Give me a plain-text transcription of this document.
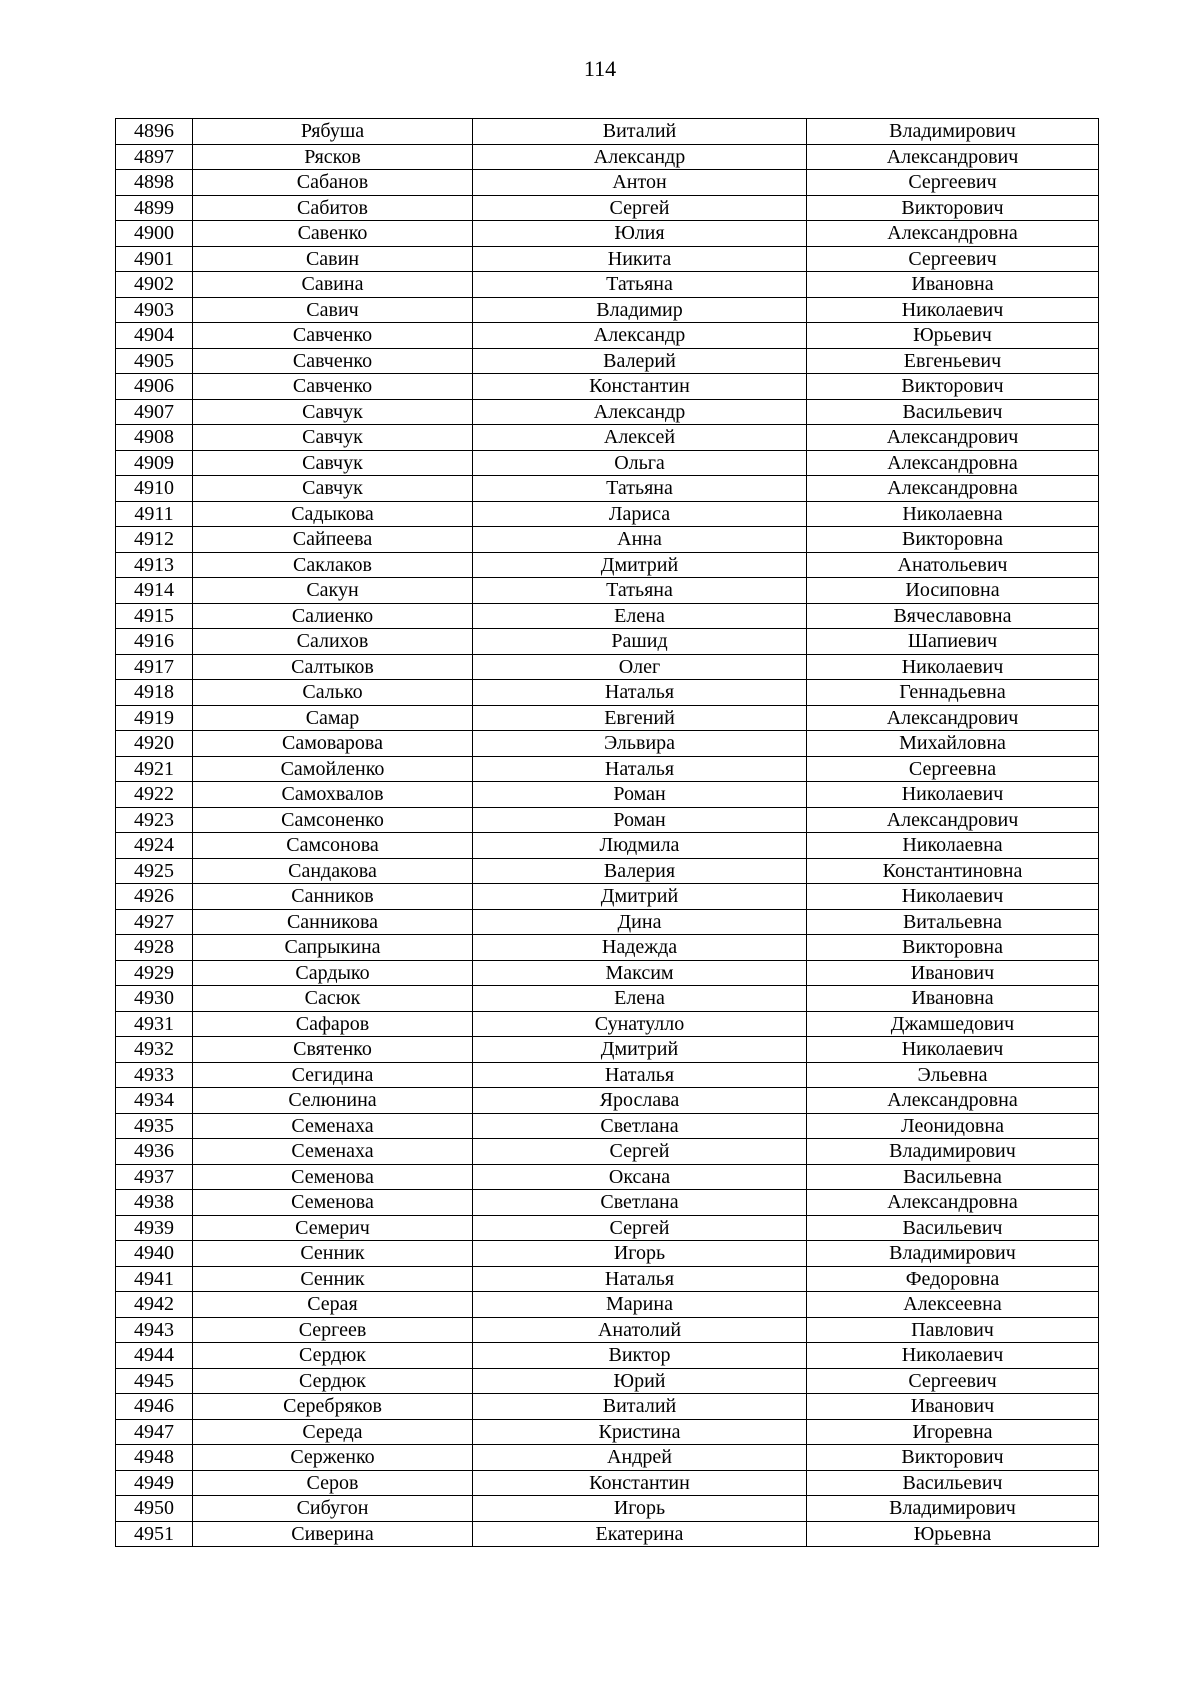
114
4896	Рябуша	Виталий	Владимирович
4897	Рясков	Александр	Александрович
4898	Сабанов	Антон	Сергеевич
4899	Сабитов	Сергей	Викторович
4900	Савенко	Юлия	Александровна
4901	Савин	Никита	Сергеевич
4902	Савина	Татьяна	Ивановна
4903	Савич	Владимир	Николаевич
4904	Савченко	Александр	Юрьевич
4905	Савченко	Валерий	Евгеньевич
4906	Савченко	Константин	Викторович
4907	Савчук	Александр	Васильевич
4908	Савчук	Алексей	Александрович
4909	Савчук	Ольга	Александровна
4910	Савчук	Татьяна	Александровна
4911	Садыкова	Лариса	Николаевна
4912	Сайпеева	Анна	Викторовна
4913	Саклаков	Дмитрий	Анатольевич
4914	Сакун	Татьяна	Иосиповна
4915	Салиенко	Елена	Вячеславовна
4916	Салихов	Рашид	Шапиевич
4917	Салтыков	Олег	Николаевич
4918	Салько	Наталья	Геннадьевна
4919	Самар	Евгений	Александрович
4920	Самоварова	Эльвира	Михайловна
4921	Самойленко	Наталья	Сергеевна
4922	Самохвалов	Роман	Николаевич
4923	Самсоненко	Роман	Александрович
4924	Самсонова	Людмила	Николаевна
4925	Сандакова	Валерия	Константиновна
4926	Санников	Дмитрий	Николаевич
4927	Санникова	Дина	Витальевна
4928	Сапрыкина	Надежда	Викторовна
4929	Сардыко	Максим	Иванович
4930	Сасюк	Елена	Ивановна
4931	Сафаров	Сунатулло	Джамшедович
4932	Святенко	Дмитрий	Николаевич
4933	Сегидина	Наталья	Эльевна
4934	Селюнина	Ярослава	Александровна
4935	Семенаха	Светлана	Леонидовна
4936	Семенаха	Сергей	Владимирович
4937	Семенова	Оксана	Васильевна
4938	Семенова	Светлана	Александровна
4939	Семерич	Сергей	Васильевич
4940	Сенник	Игорь	Владимирович
4941	Сенник	Наталья	Федоровна
4942	Серая	Марина	Алексеевна
4943	Сергеев	Анатолий	Павлович
4944	Сердюк	Виктор	Николаевич
4945	Сердюк	Юрий	Сергеевич
4946	Серебряков	Виталий	Иванович
4947	Середа	Кристина	Игоревна
4948	Серженко	Андрей	Викторович
4949	Серов	Константин	Васильевич
4950	Сибугон	Игорь	Владимирович
4951	Сиверина	Екатерина	Юрьевна
